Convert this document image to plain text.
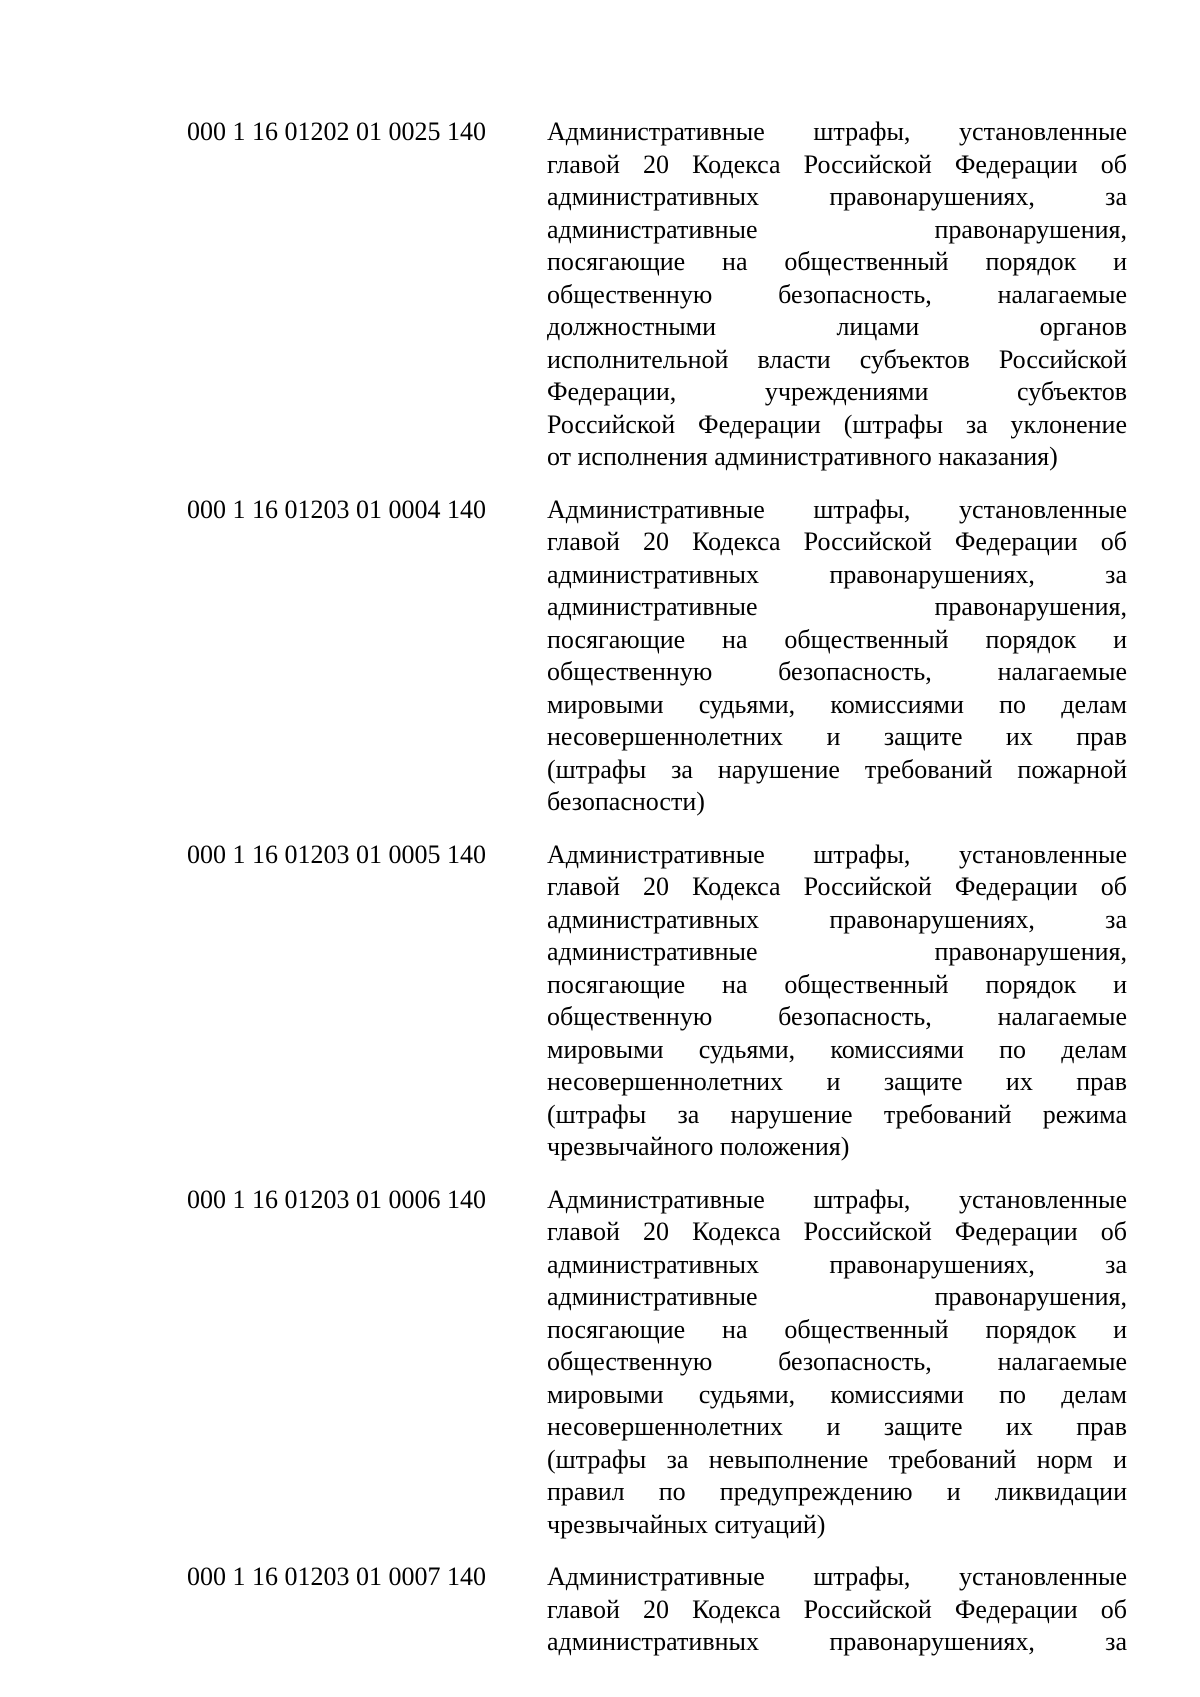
000 1 16 01202 01 0025 140	Административные штрафы, установленные
главой 20 Кодекса Российской Федерации об
административных правонарушениях, за
административные правонарушения,
посягающие на общественный порядок и
общественную безопасность, налагаемые
должностными лицами органов
исполнительной власти субъектов Российской
Федерации, учреждениями субъектов
Российской Федерации (штрафы за уклонение
от исполнения административного наказания)
000 1 16 01203 01 0004 140	Административные штрафы, установленные
главой 20 Кодекса Российской Федерации об
административных правонарушениях, за
административные правонарушения,
посягающие на общественный порядок и
общественную безопасность, налагаемые
мировыми судьями, комиссиями по делам
несовершеннолетних и защите их прав
(штрафы за нарушение требований пожарной
безопасности)
000 1 16 01203 01 0005 140	Административные штрафы, установленные
главой 20 Кодекса Российской Федерации об
административных правонарушениях, за
административные правонарушения,
посягающие на общественный порядок и
общественную безопасность, налагаемые
мировыми судьями, комиссиями по делам
несовершеннолетних и защите их прав
(штрафы за нарушение требований режима
чрезвычайного положения)
000 1 16 01203 01 0006 140	Административные штрафы, установленные
главой 20 Кодекса Российской Федерации об
административных правонарушениях, за
административные правонарушения,
посягающие на общественный порядок и
общественную безопасность, налагаемые
мировыми судьями, комиссиями по делам
несовершеннолетних и защите их прав
(штрафы за невыполнение требований норм и
правил по предупреждению и ликвидации
чрезвычайных ситуаций)
000 1 16 01203 01 0007 140	Административные штрафы, установленные
главой 20 Кодекса Российской Федерации об
административных правонарушениях, за
